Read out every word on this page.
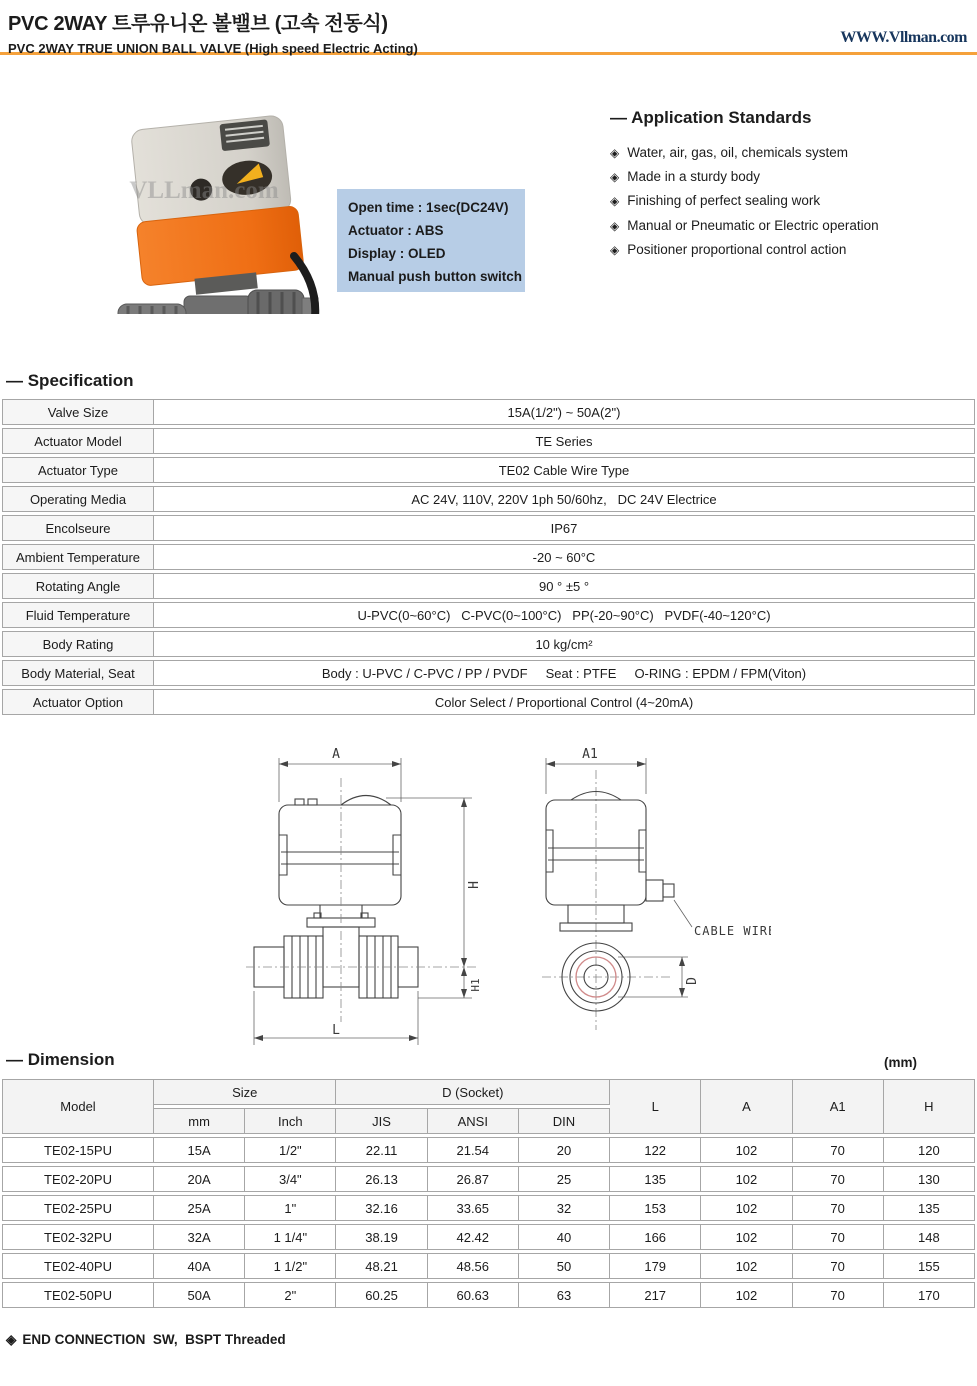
PVC 2WAY 트루유니온 볼밸브 (고속 전동식)
PVC 2WAY TRUE UNION BALL VALVE (High speed Electric Acting)
WWW.Vllman.com
VLLman.com
Open time : 1sec(DC24V)
Actuator : ABS
Display : OLED
Manual push button switch
— Application Standards
◈ Water, air, gas, oil, chemicals system
◈ Made in a sturdy body
◈ Finishing of perfect sealing work
◈ Manual or Pneumatic or Electric operation
◈ Positioner proportional control action
— Specification
Valve Size	15A(1/2") ~ 50A(2")
Actuator Model	TE Series
Actuator Type	TE02 Cable Wire Type
Operating Media	AC 24V, 110V, 220V 1ph 50/60hz,   DC 24V Electrice
Encolseure	IP67
Ambient Temperature	-20 ~ 60°C
Rotating Angle	90 ° ±5 °
Fluid Temperature	U-PVC(0~60°C)   C-PVC(0~100°C)   PP(-20~90°C)   PVDF(-40~120°C)
Body Rating	10 kg/cm²
Body Material, Seat	Body : U-PVC / C-PVC / PP / PVDF     Seat : PTFE     O-RING : EPDM / FPM(Viton)
Actuator Option	Color Select / Proportional Control (4~20mA)
A	A1
H
H1
L
D
CABLE WIRE
— Dimension	(mm)
Model	Size		D (Socket)			L	A	A1	H
	mm	Inch	JIS	ANSI	DIN				
TE02-15PU	15A	1/2"	22.11	21.54	20	122	102	70	120
TE02-20PU	20A	3/4"	26.13	26.87	25	135	102	70	130
TE02-25PU	25A	1"	32.16	33.65	32	153	102	70	135
TE02-32PU	32A	1 1/4"	38.19	42.42	40	166	102	70	148
TE02-40PU	40A	1 1/2"	48.21	48.56	50	179	102	70	155
TE02-50PU	50A	2"	60.25	60.63	63	217	102	70	170
◈ END CONNECTION  SW,  BSPT Threaded
